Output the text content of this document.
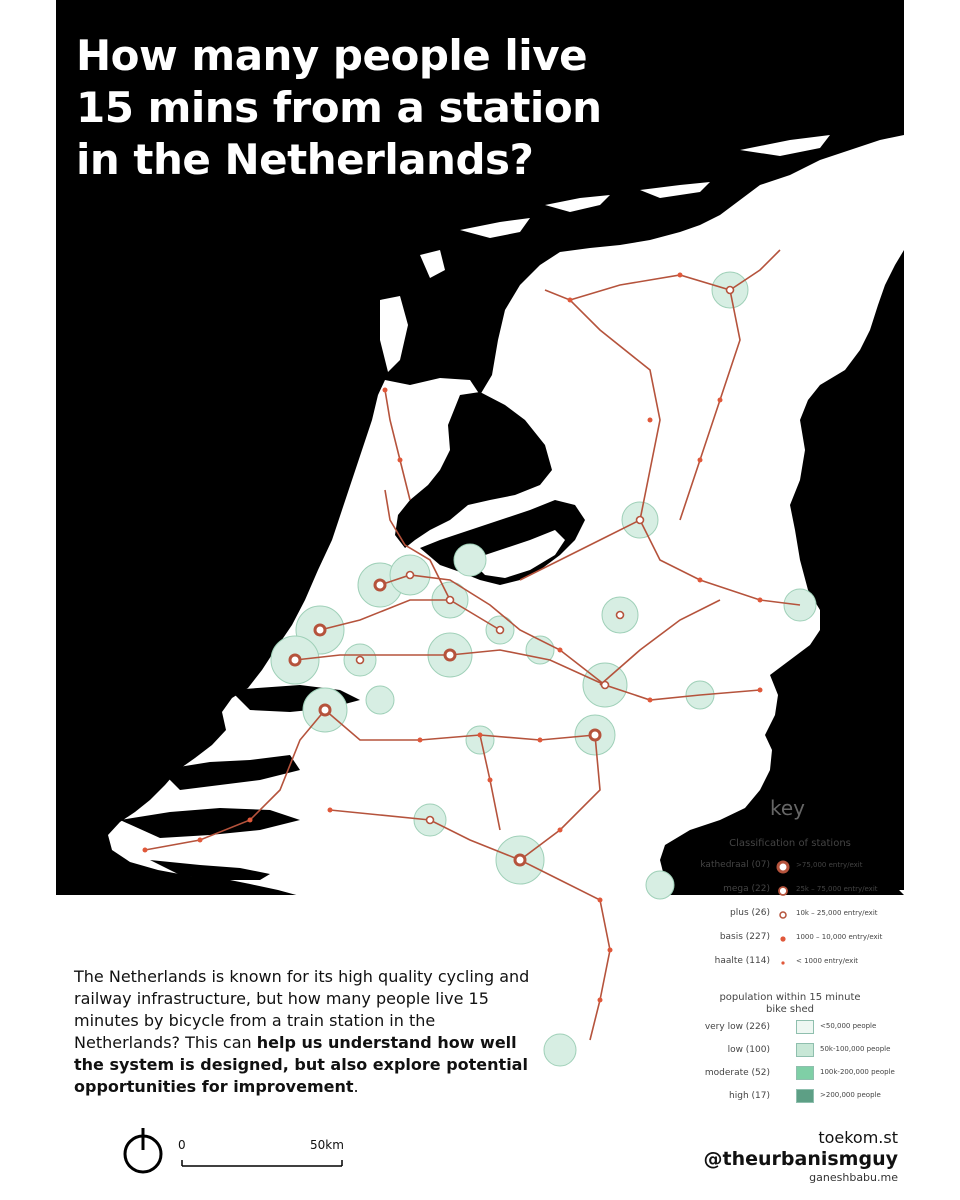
How many people live
15 mins from a station
in the Netherlands?

The Netherlands is known for its high quality cycling and railway infrastructure, but how many people live 15 minutes by bicycle from a train station in the Netherlands? This can help us understand how well the system is designed, but also explore potential opportunities for improvement.

key
Classification of stations
kathedraal (07)	>75,000 entry/exit
mega (22)	25k – 75,000 entry/exit
plus (26)	10k – 25,000 entry/exit
basis (227)	1000 – 10,000 entry/exit
haalte (114)	< 1000 entry/exit
population within 15 minute
bike shed
very low (226)	<50,000 people
low (100)	50k-100,000 people
moderate (52)	100k-200,000 people
high (17)	>200,000 people
0	50km	toekom.st
@theurbanismguy
ganeshbabu.me
